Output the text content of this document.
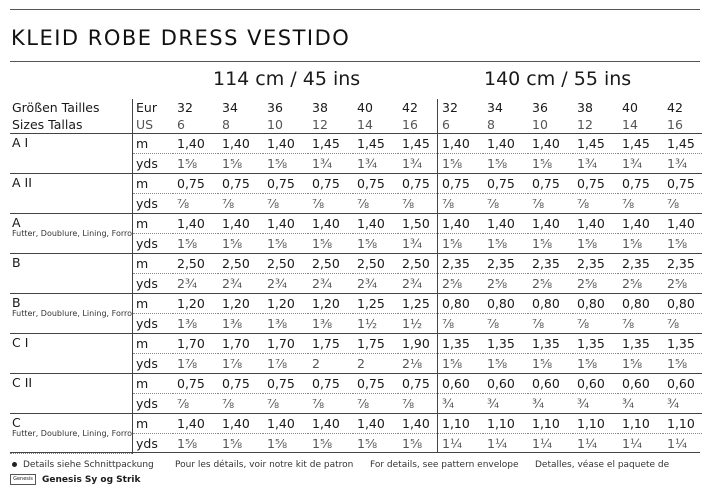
KLEID ROBE DRESS VESTIDO
114 cm / 45 ins	140 cm / 55 ins
Größen Tailles	Eur	32	34	36	38	40	42	32	34	36	38	40	42
Sizes Tallas	US	6	8	10	12	14	16	6	8	10	12	14	16

A I	m	1,40	1,40	1,40	1,45	1,45	1,45	1,40	1,40	1,40	1,45	1,45	1,45
	yds	1⅝	1⅝	1⅝	1¾	1¾	1¾	1⅝	1⅝	1⅝	1¾	1¾	1¾

A II	m	0,75	0,75	0,75	0,75	0,75	0,75	0,75	0,75	0,75	0,75	0,75	0,75
	yds	⅞	⅞	⅞	⅞	⅞	⅞	⅞	⅞	⅞	⅞	⅞	⅞

A
Futter, Doublure, Lining, Forro	m	1,40	1,40	1,40	1,40	1,40	1,50	1,40	1,40	1,40	1,40	1,40	1,40
	yds	1⅝	1⅝	1⅝	1⅝	1⅝	1¾	1⅝	1⅝	1⅝	1⅝	1⅝	1⅝

B	m	2,50	2,50	2,50	2,50	2,50	2,50	2,35	2,35	2,35	2,35	2,35	2,35
	yds	2¾	2¾	2¾	2¾	2¾	2¾	2⅝	2⅝	2⅝	2⅝	2⅝	2⅝

B
Futter, Doublure, Lining, Forro	m	1,20	1,20	1,20	1,20	1,25	1,25	0,80	0,80	0,80	0,80	0,80	0,80
	yds	1⅜	1⅜	1⅜	1⅜	1½	1½	⅞	⅞	⅞	⅞	⅞	⅞

C I	m	1,70	1,70	1,70	1,75	1,75	1,90	1,35	1,35	1,35	1,35	1,35	1,35
	yds	1⅞	1⅞	1⅞	2	2	2⅛	1⅝	1⅝	1⅝	1⅝	1⅝	1⅝

C II	m	0,75	0,75	0,75	0,75	0,75	0,75	0,60	0,60	0,60	0,60	0,60	0,60
	yds	⅞	⅞	⅞	⅞	⅞	⅞	¾	¾	¾	¾	¾	¾

C
Futter, Doublure, Lining, Forro	m	1,40	1,40	1,40	1,40	1,40	1,40	1,10	1,10	1,10	1,10	1,10	1,10
	yds	1⅝	1⅝	1⅝	1⅝	1⅝	1⅝	1¼	1¼	1¼	1¼	1¼	1¼
Details siehe Schnittpackung Pour les détails, voir notre kit de patron For details, see pattern envelope Detalles, véase el paquete de
Genesis Genesis Sy og Strik
